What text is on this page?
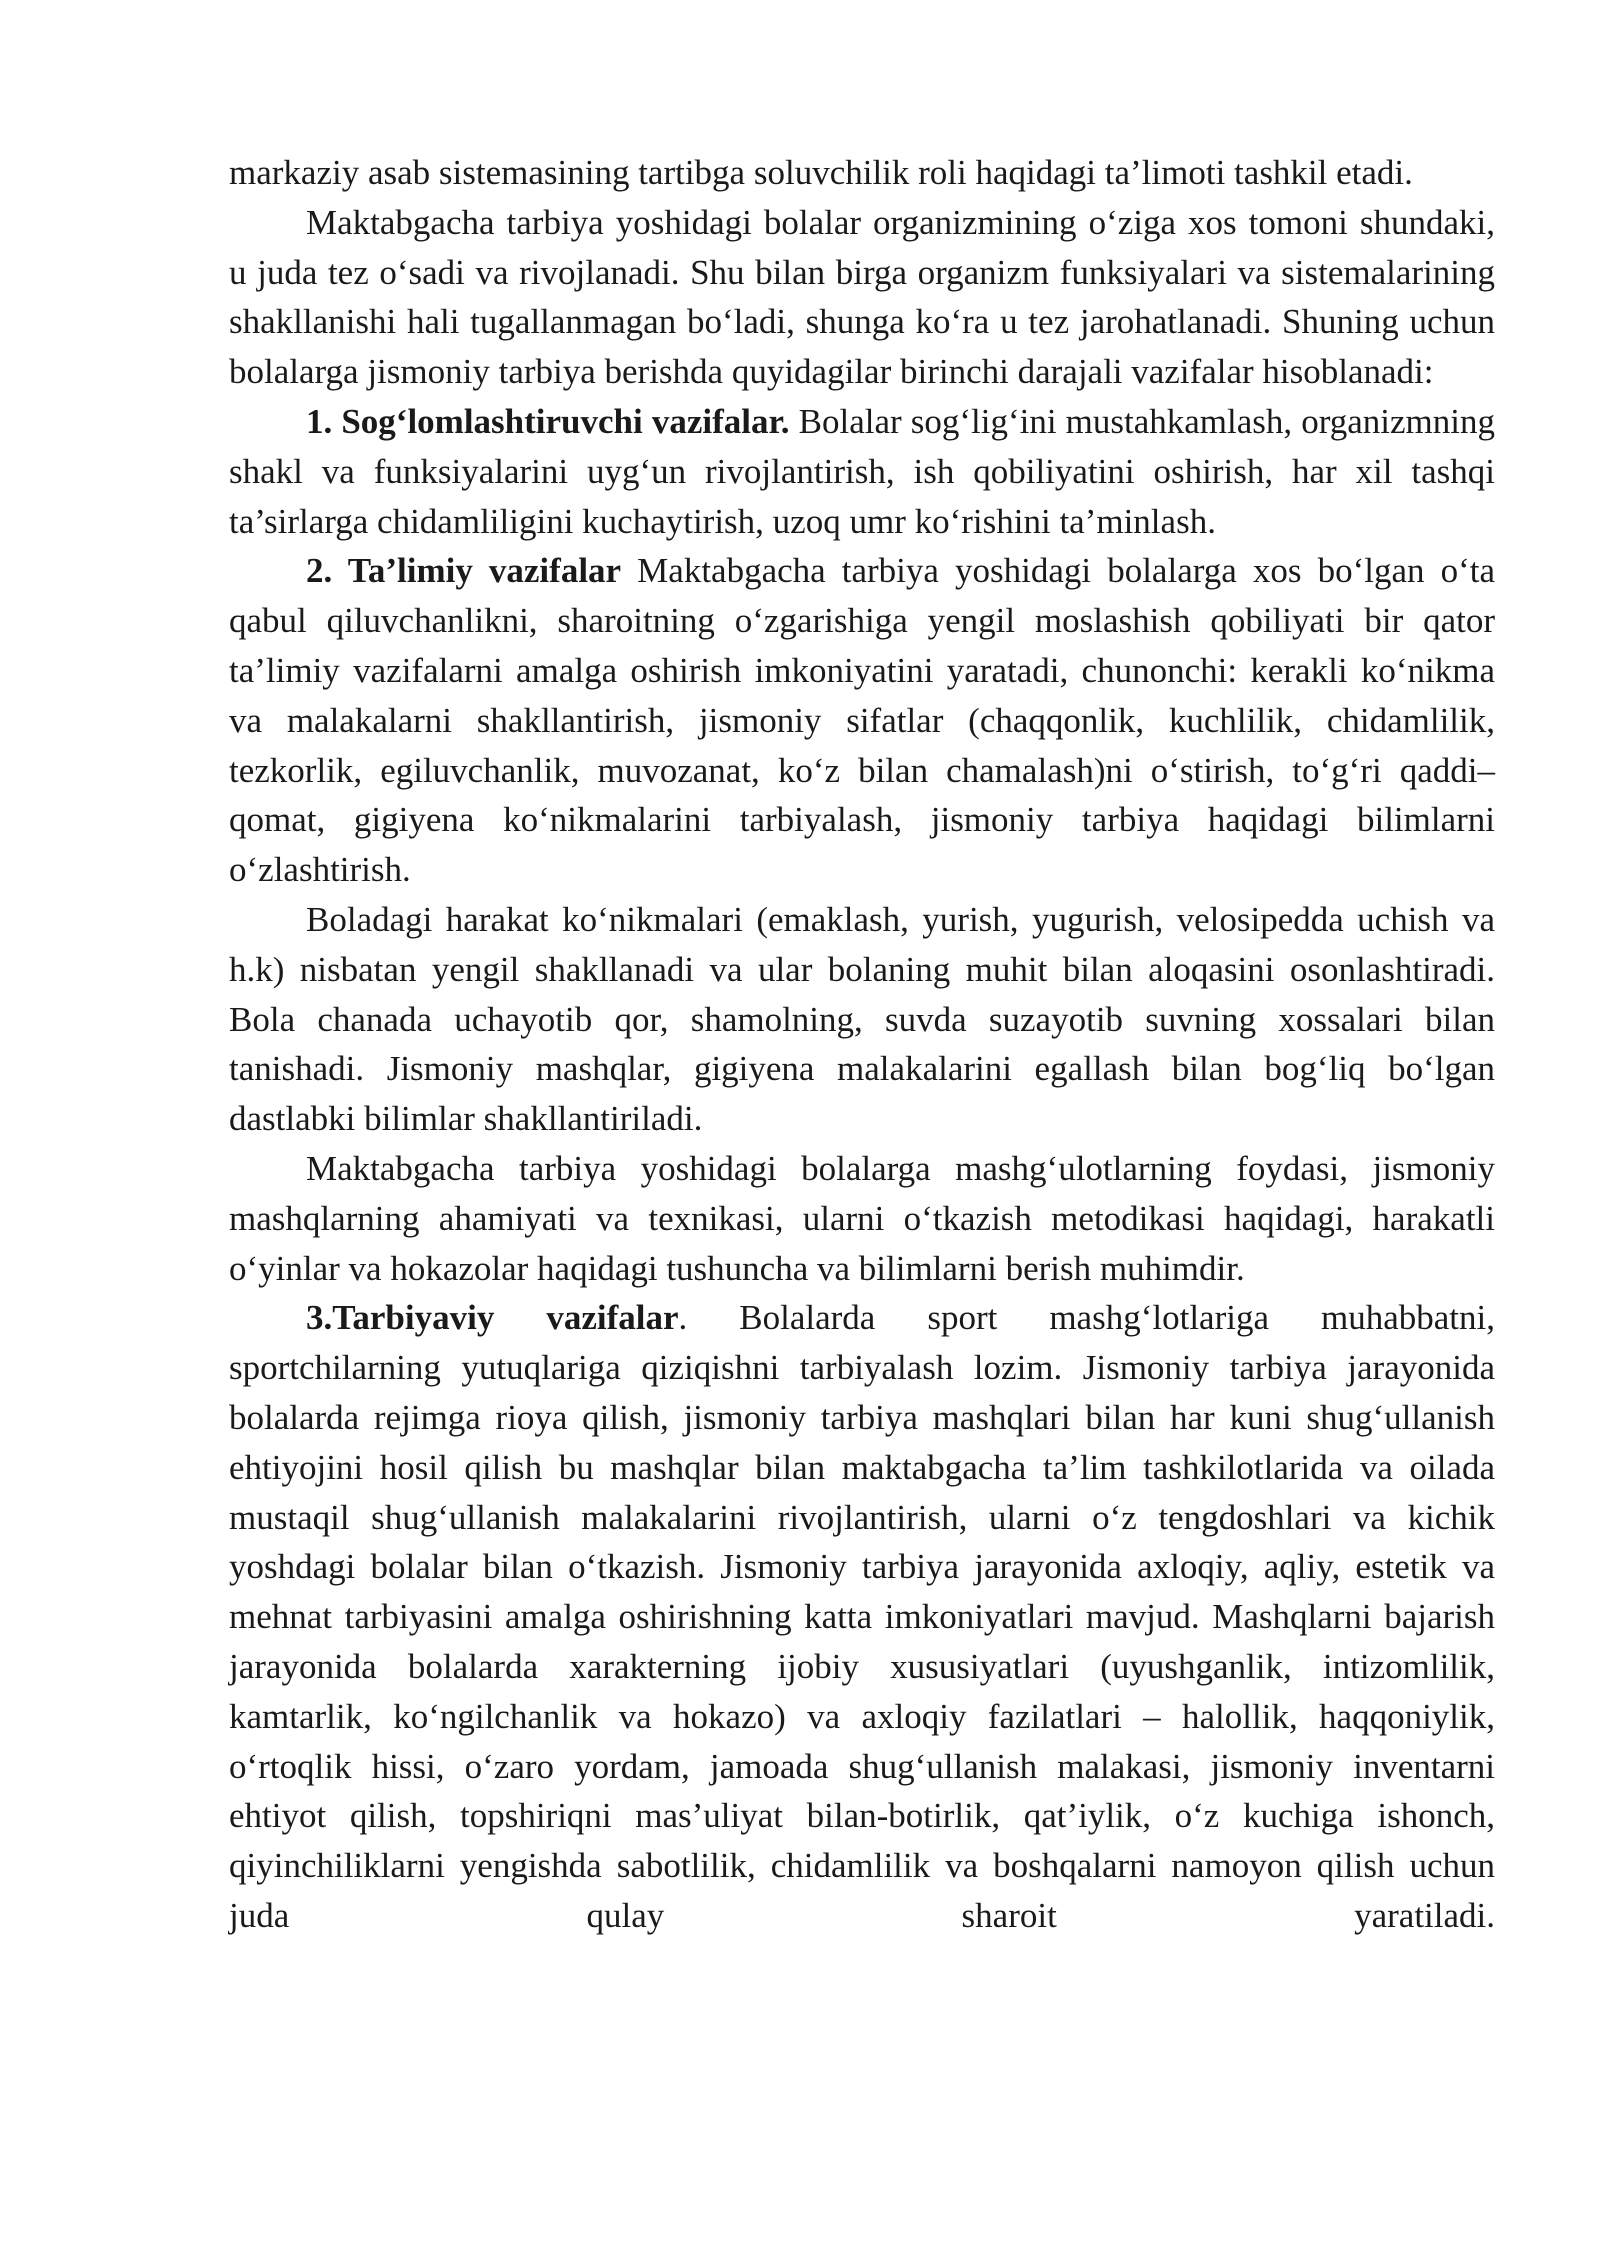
markaziy asab sistemasining tartibga soluvchilik roli haqidagi ta’limoti tashkil etadi.

Maktabgacha tarbiya yoshidagi bolalar organizmining o‘ziga xos tomoni shundaki, u juda tez o‘sadi va rivojlanadi. Shu bilan birga organizm funksiyalari va sistemalarining shakllanishi hali tugallanmagan bo‘ladi, shunga ko‘ra u tez jarohatlanadi. Shuning uchun bolalarga jismoniy tarbiya berishda quyidagilar birinchi darajali vazifalar hisoblanadi:

1. Sog‘lomlashtiruvchi vazifalar. Bolalar sog‘lig‘ini mustahkamlash, organizmning shakl va funksiyalarini uyg‘un rivojlantirish, ish qobiliyatini oshirish, har xil tashqi ta’sirlarga chidamliligini kuchaytirish, uzoq umr ko‘rishini ta’minlash.

2. Ta’limiy vazifalar Maktabgacha tarbiya yoshidagi bolalarga xos bo‘lgan o‘ta qabul qiluvchanlikni, sharoitning o‘zgarishiga yengil moslashish qobiliyati bir qator ta’limiy vazifalarni amalga oshirish imkoniyatini yaratadi, chunonchi: kerakli ko‘nikma va malakalarni shakllantirish, jismoniy sifatlar (chaqqonlik, kuchlilik, chidamlilik, tezkorlik, egiluvchanlik, muvozanat, ko‘z bilan chamalash)ni o‘stirish, to‘g‘ri qaddi–qomat, gigiyena ko‘nikmalarini tarbiyalash, jismoniy tarbiya haqidagi bilimlarni o‘zlashtirish.

Boladagi harakat ko‘nikmalari (emaklash, yurish, yugurish, velosipedda uchish va h.k) nisbatan yengil shakllanadi va ular bolaning muhit bilan aloqasini osonlashtiradi. Bola chanada uchayotib qor, shamolning, suvda suzayotib suvning xossalari bilan tanishadi. Jismoniy mashqlar, gigiyena malakalarini egallash bilan bog‘liq bo‘lgan dastlabki bilimlar shakllantiriladi.

Maktabgacha tarbiya yoshidagi bolalarga mashg‘ulotlarning foydasi, jismoniy mashqlarning ahamiyati va texnikasi, ularni o‘tkazish metodikasi haqidagi, harakatli o‘yinlar va hokazolar haqidagi tushuncha va bilimlarni berish muhimdir.

3.Tarbiyaviy vazifalar. Bolalarda sport mashg‘lotlariga muhabbatni, sportchilarning yutuqlariga qiziqishni tarbiyalash lozim. Jismoniy tarbiya jarayonida bolalarda rejimga rioya qilish, jismoniy tarbiya mashqlari bilan har kuni shug‘ullanish ehtiyojini hosil qilish bu mashqlar bilan maktabgacha ta’lim tashkilotlarida va oilada mustaqil shug‘ullanish malakalarini rivojlantirish, ularni o‘z tengdoshlari va kichik yoshdagi bolalar bilan o‘tkazish. Jismoniy tarbiya jarayonida axloqiy, aqliy, estetik va mehnat tarbiyasini amalga oshirishning katta imkoniyatlari mavjud. Mashqlarni bajarish jarayonida bolalarda xarakterning ijobiy xususiyatlari (uyushganlik, intizomlilik, kamtarlik, ko‘ngilchanlik va hokazo) va axloqiy fazilatlari – halollik, haqqoniylik, o‘rtoqlik hissi, o‘zaro yordam, jamoada shug‘ullanish malakasi, jismoniy inventarni ehtiyot qilish, topshiriqni mas’uliyat bilan-botirlik, qat’iylik, o‘z kuchiga ishonch, qiyinchiliklarni yengishda sabotlilik, chidamlilik va boshqalarni namoyon qilish uchun juda qulay sharoit yaratiladi.
